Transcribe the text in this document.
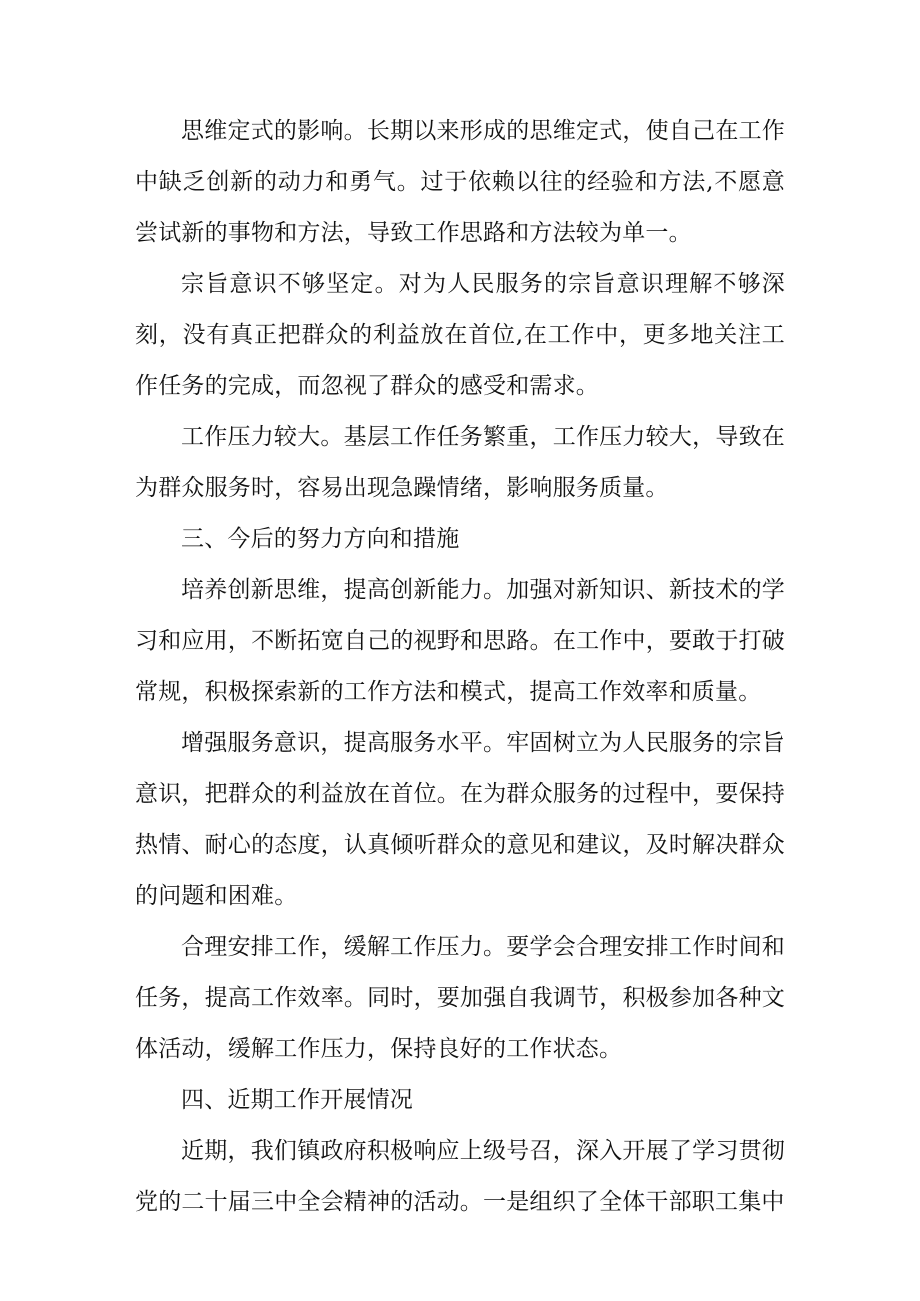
思维定式的影响。长期以来形成的思维定式，使自己在工作中缺乏创新的动力和勇气。过于依赖以往的经验和方法,不愿意尝试新的事物和方法，导致工作思路和方法较为单一。

宗旨意识不够坚定。对为人民服务的宗旨意识理解不够深刻，没有真正把群众的利益放在首位,在工作中，更多地关注工作任务的完成，而忽视了群众的感受和需求。

工作压力较大。基层工作任务繁重，工作压力较大，导致在为群众服务时，容易出现急躁情绪，影响服务质量。

三、今后的努力方向和措施

培养创新思维，提高创新能力。加强对新知识、新技术的学习和应用，不断拓宽自己的视野和思路。在工作中，要敢于打破常规，积极探索新的工作方法和模式，提高工作效率和质量。

增强服务意识，提高服务水平。牢固树立为人民服务的宗旨意识，把群众的利益放在首位。在为群众服务的过程中，要保持热情、耐心的态度，认真倾听群众的意见和建议，及时解决群众的问题和困难。

合理安排工作，缓解工作压力。要学会合理安排工作时间和任务，提高工作效率。同时，要加强自我调节，积极参加各种文体活动，缓解工作压力，保持良好的工作状态。

四、近期工作开展情况

近期，我们镇政府积极响应上级号召，深入开展了学习贯彻党的二十届三中全会精神的活动。一是组织了全体干部职工集中
